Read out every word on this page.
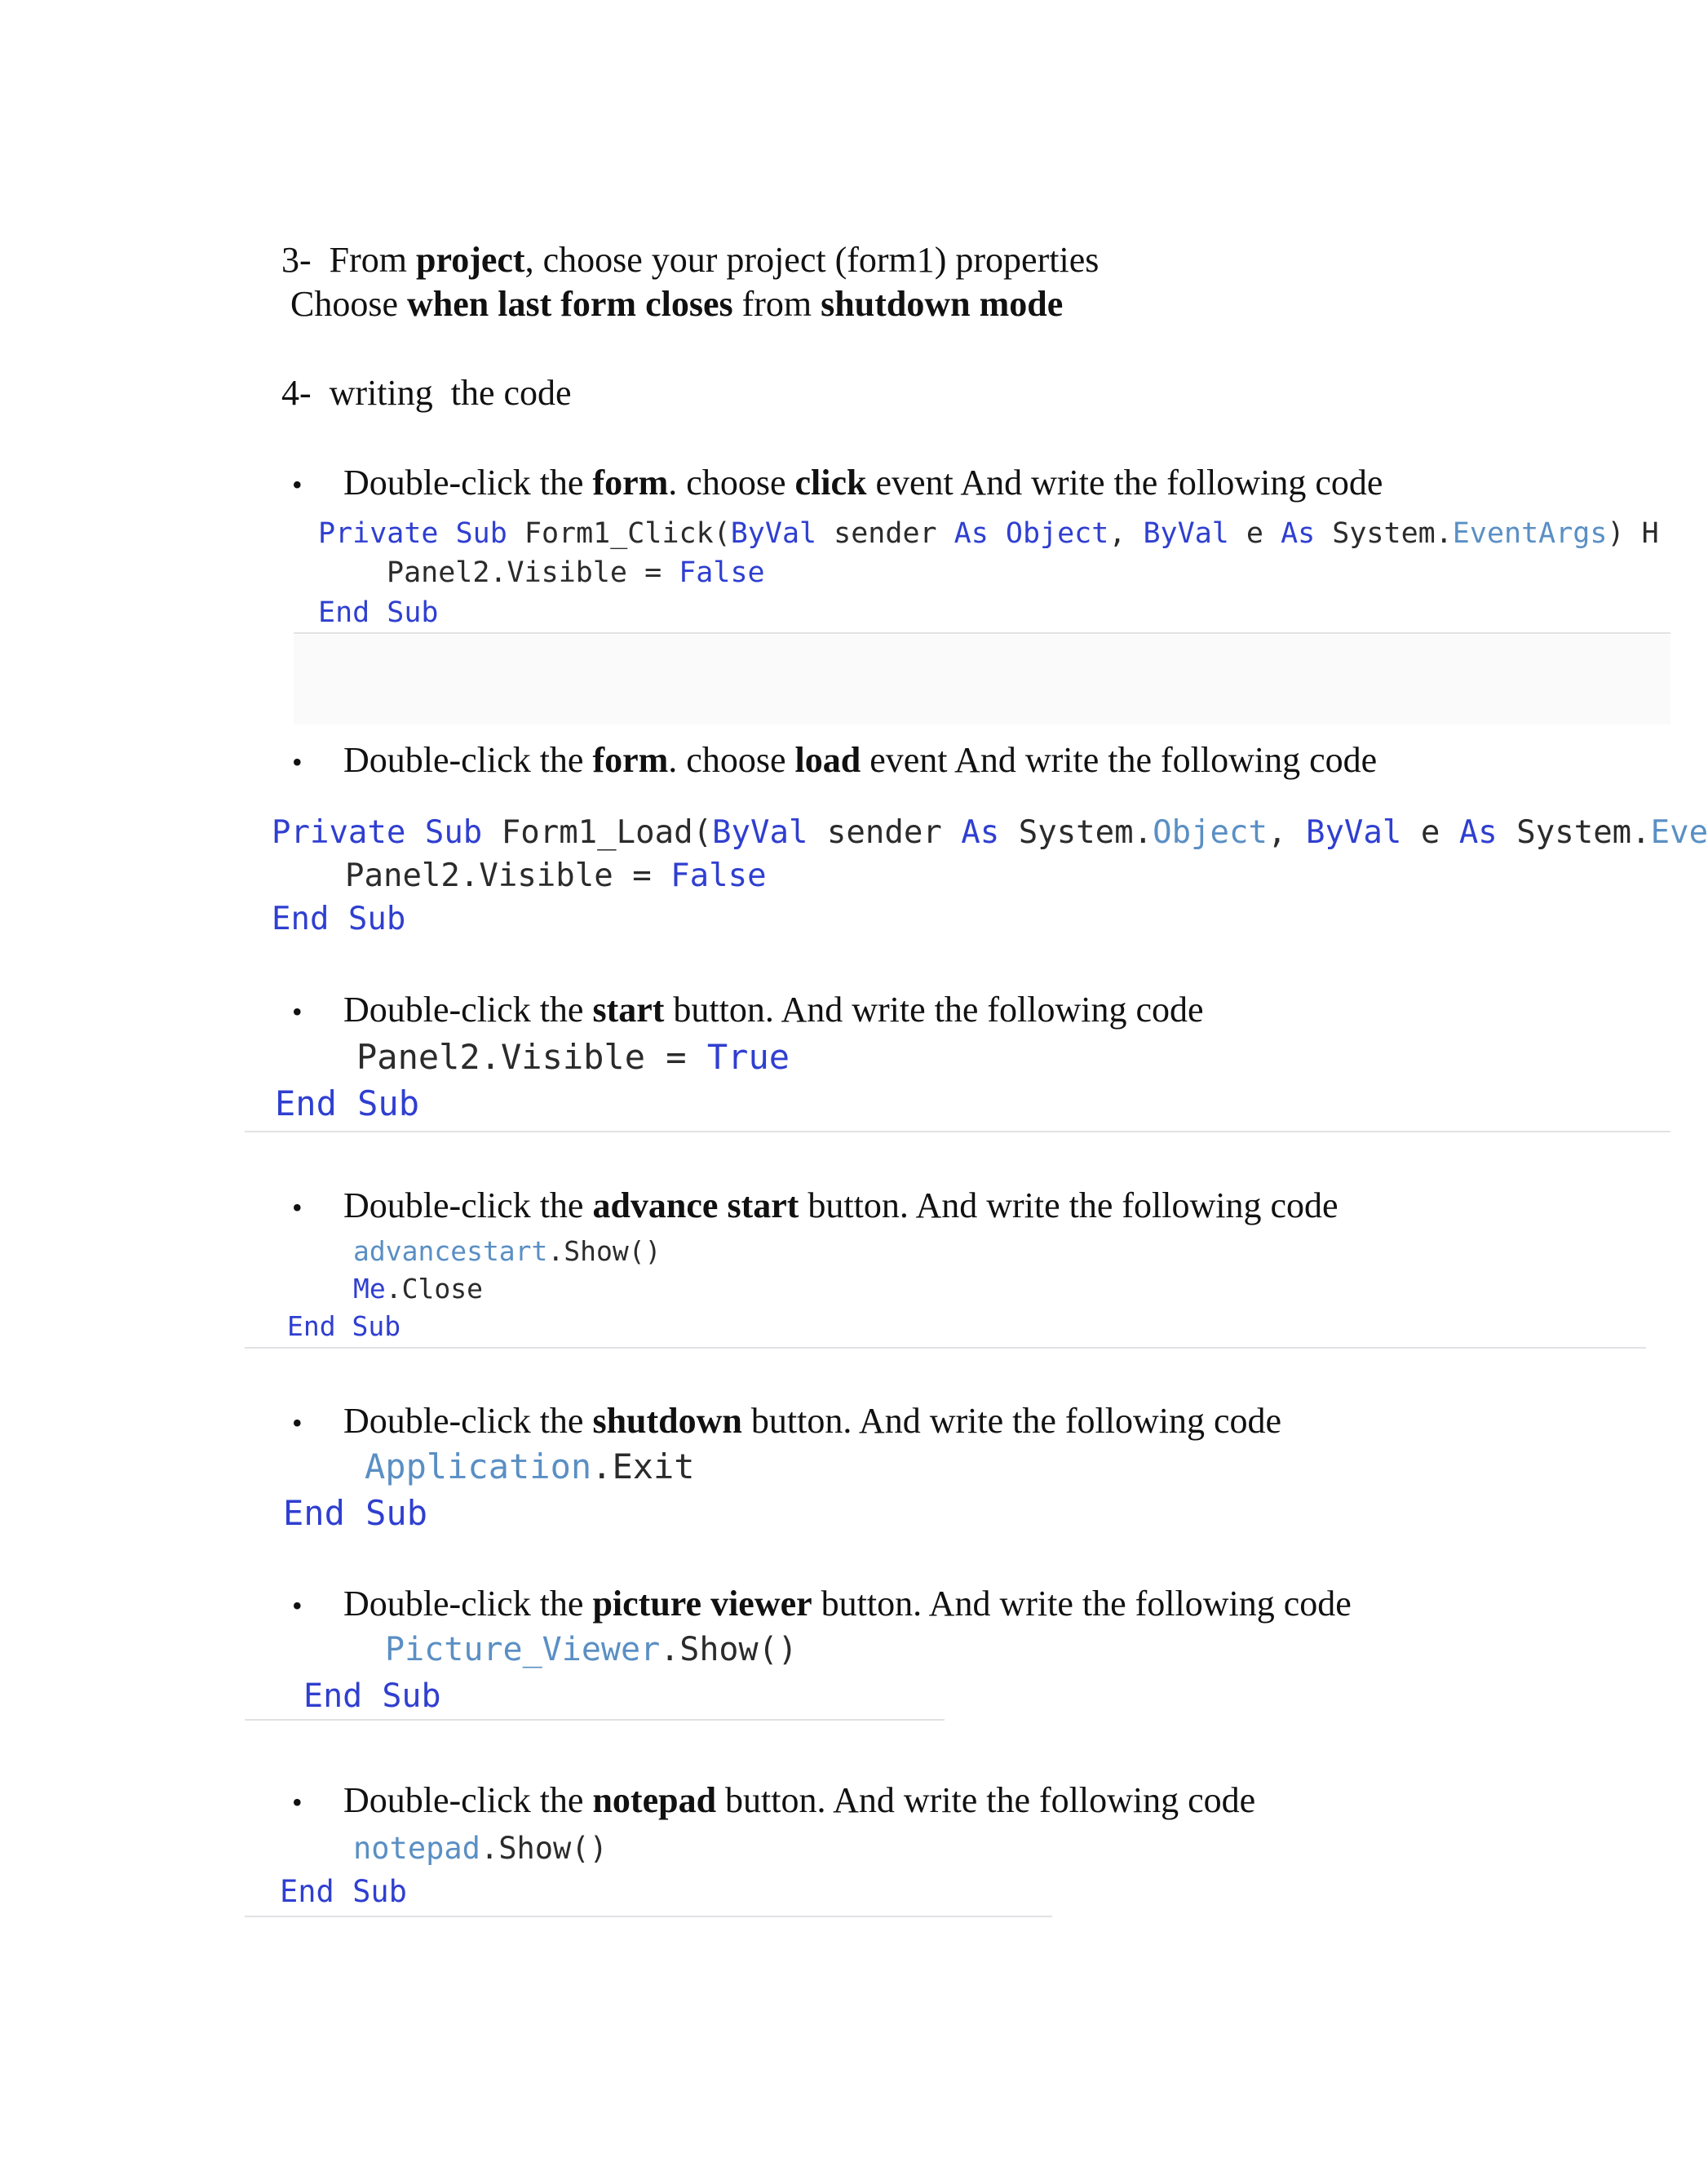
3-  From project, choose your project (form1) properties
Choose when last form closes from shutdown mode
4-  writing  the code
• Double-click the form. choose click event And write the following code
Private Sub Form1_Click(ByVal sender As Object, ByVal e As System.EventArgs) H
Panel2.Visible = False
End Sub
• Double-click the form. choose load event And write the following code
Private Sub Form1_Load(ByVal sender As System.Object, ByVal e As System.Eve
Panel2.Visible = False
End Sub
• Double-click the start button. And write the following code
Panel2.Visible = True
End Sub
• Double-click the advance start button. And write the following code
advancestart.Show()
Me.Close
End Sub
• Double-click the shutdown button. And write the following code
Application.Exit
End Sub
• Double-click the picture viewer button. And write the following code
Picture_Viewer.Show()
End Sub
• Double-click the notepad button. And write the following code
notepad.Show()
End Sub
